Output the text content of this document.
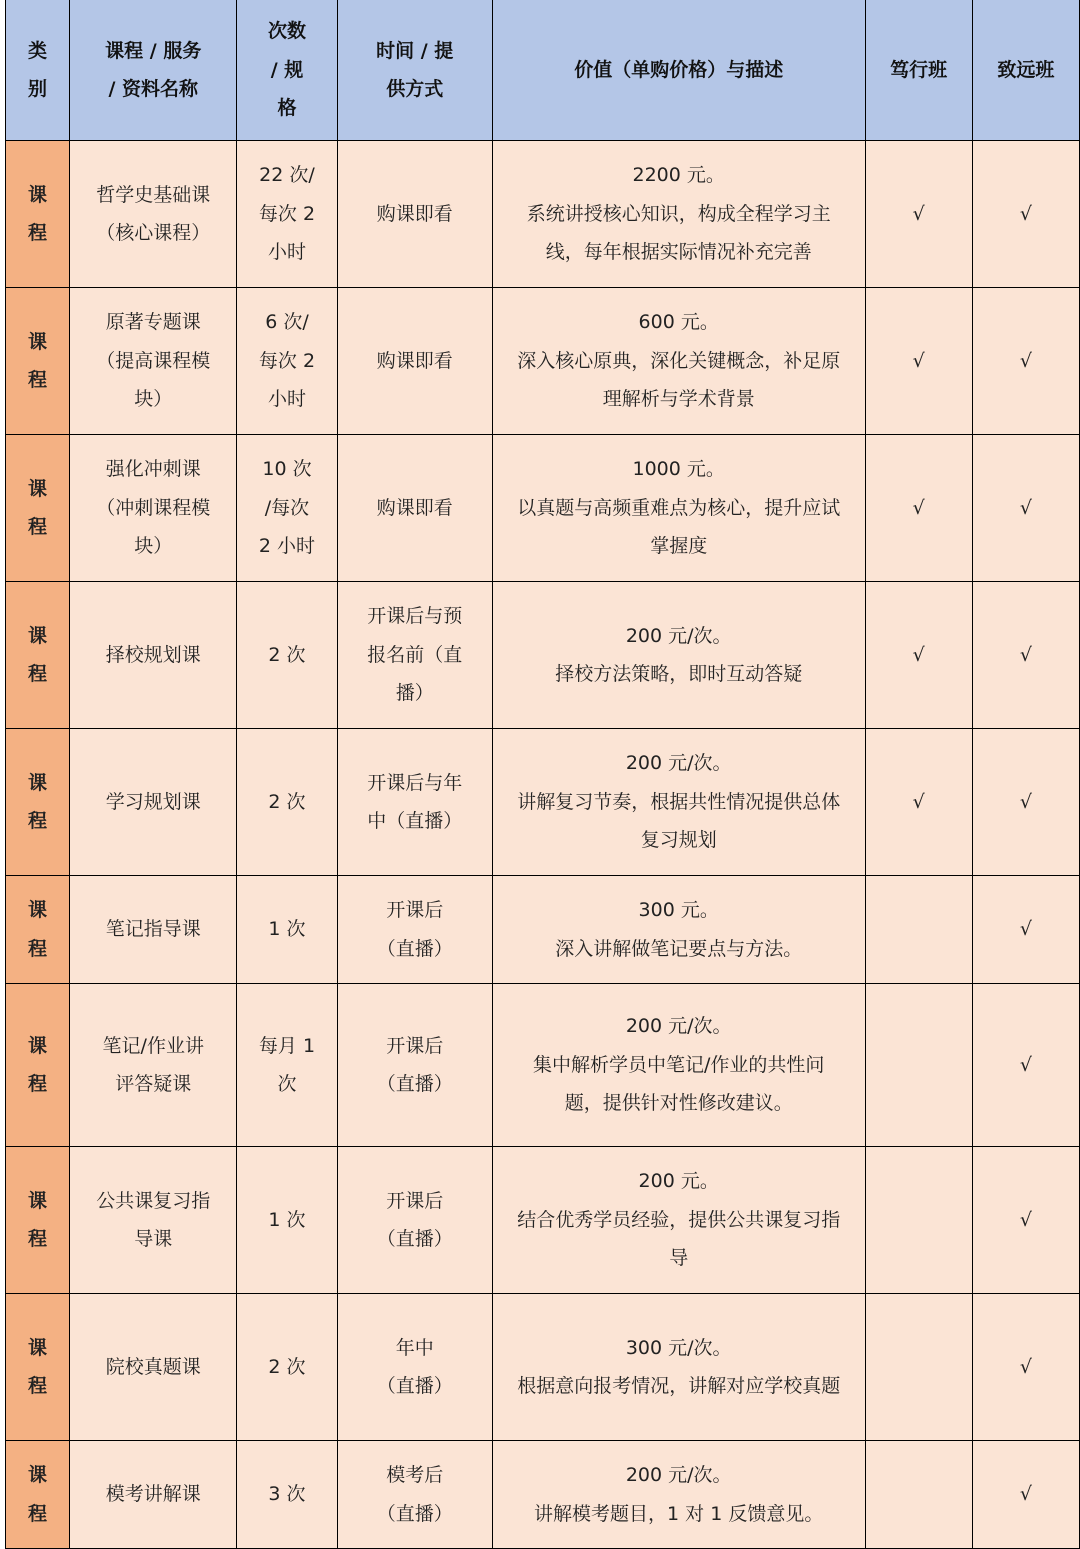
类
别	课程 / 服务
/ 资料名称	次数
/ 规
格	时间 / 提
供方式	价值（单购价格）与描述	笃行班	致远班
课
程	哲学史基础课
（核心课程）	22 次/
每次 2
小时	购课即看	2200 元。
系统讲授核心知识，构成全程学习主线，每年根据实际情况补充完善	√	√
课
程	原著专题课
（提高课程模
块）	6 次/
每次 2
小时	购课即看	600 元。
深入核心原典，深化关键概念，补足原理解析与学术背景	√	√
课
程	强化冲刺课
（冲刺课程模
块）	10 次
/每次
2 小时	购课即看	1000 元。
以真题与高频重难点为核心，提升应试掌握度	√	√
课
程	择校规划课	2 次	开课后与预
报名前（直
播）	200 元/次。
择校方法策略，即时互动答疑	√	√
课
程	学习规划课	2 次	开课后与年
中（直播）	200 元/次。
讲解复习节奏，根据共性情况提供总体复习规划	√	√
课
程	笔记指导课	1 次	开课后
（直播）	300 元。
深入讲解做笔记要点与方法。		√
课
程	笔记/作业讲
评答疑课	每月 1
次	开课后
（直播）	200 元/次。
集中解析学员中笔记/作业的共性问题，提供针对性修改建议。		√
课
程	公共课复习指
导课	1 次	开课后
（直播）	200 元。
结合优秀学员经验，提供公共课复习指导		√
课
程	院校真题课	2 次	年中
（直播）	300 元/次。
根据意向报考情况，讲解对应学校真题		√
课
程	模考讲解课	3 次	模考后
（直播）	200 元/次。
讲解模考题目，1 对 1 反馈意见。		√
